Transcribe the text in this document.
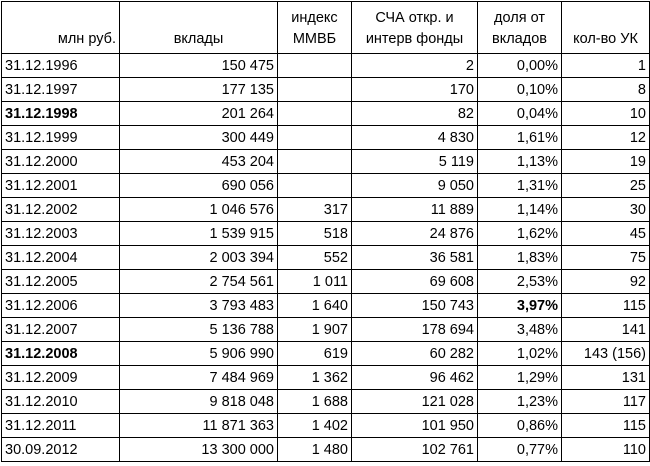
млн руб.	вклады	индекс ММВБ	СЧА откр. и интерв фонды	доля от вкладов	кол-во УК
31.12.1996	150 475		2	0,00%	1
31.12.1997	177 135		170	0,10%	8
31.12.1998	201 264		82	0,04%	10
31.12.1999	300 449		4 830	1,61%	12
31.12.2000	453 204		5 119	1,13%	19
31.12.2001	690 056		9 050	1,31%	25
31.12.2002	1 046 576	317	11 889	1,14%	30
31.12.2003	1 539 915	518	24 876	1,62%	45
31.12.2004	2 003 394	552	36 581	1,83%	75
31.12.2005	2 754 561	1 011	69 608	2,53%	92
31.12.2006	3 793 483	1 640	150 743	3,97%	115
31.12.2007	5 136 788	1 907	178 694	3,48%	141
31.12.2008	5 906 990	619	60 282	1,02%	143 (156)
31.12.2009	7 484 969	1 362	96 462	1,29%	131
31.12.2010	9 818 048	1 688	121 028	1,23%	117
31.12.2011	11 871 363	1 402	101 950	0,86%	115
30.09.2012	13 300 000	1 480	102 761	0,77%	110
